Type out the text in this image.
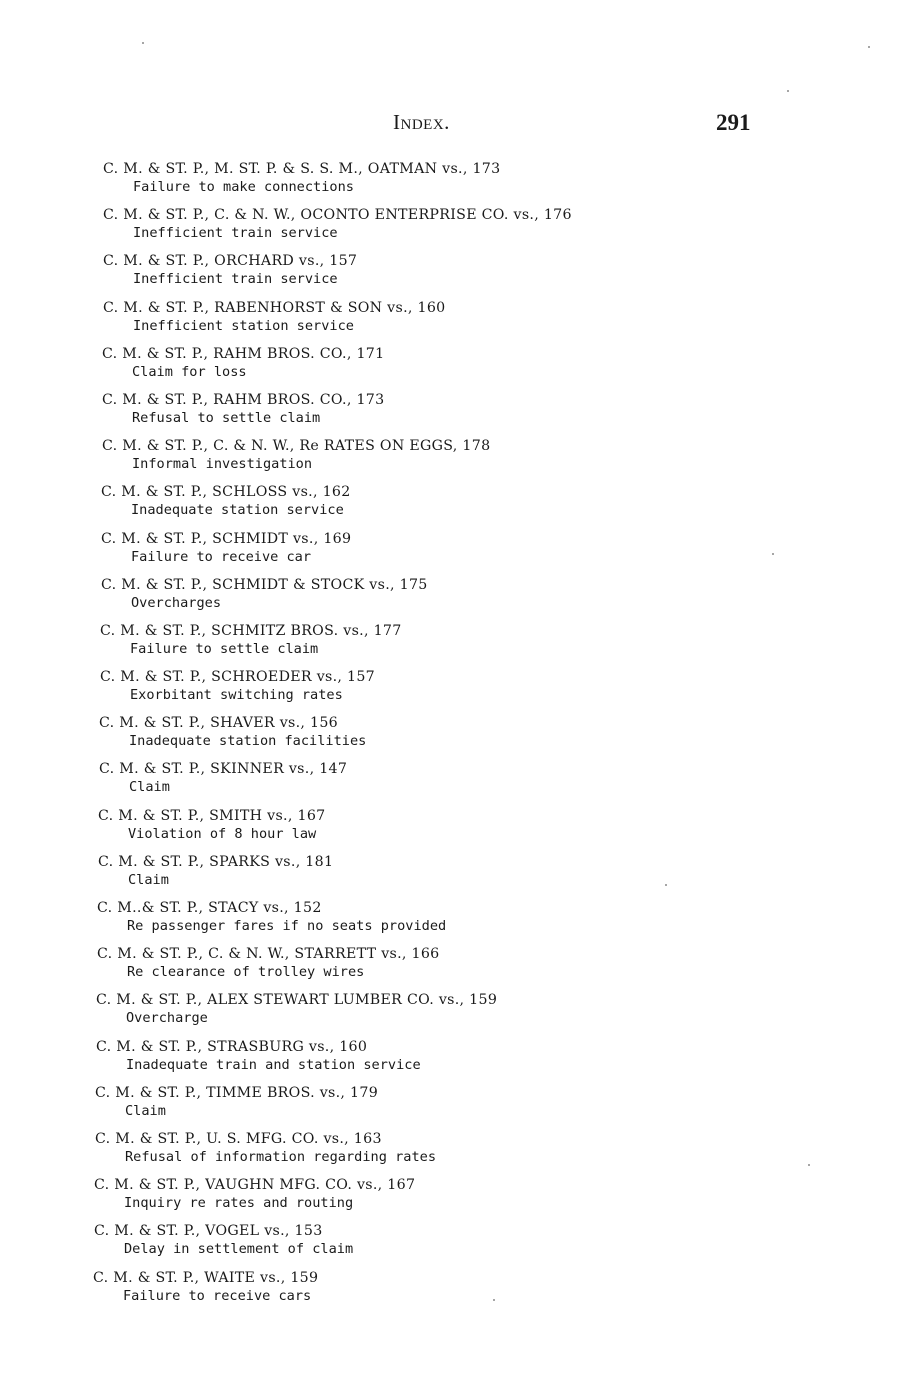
Index.	291
C. M. & ST. P., M. ST. P. & S. S. M., OATMAN vs., 173
Failure to make connections
C. M. & ST. P., C. & N. W., OCONTO ENTERPRISE CO. vs., 176
Inefficient train service
C. M. & ST. P., ORCHARD vs., 157
Inefficient train service
C. M. & ST. P., RABENHORST & SON vs., 160
Inefficient station service
C. M. & ST. P., RAHM BROS. CO., 171
Claim for loss
C. M. & ST. P., RAHM BROS. CO., 173
Refusal to settle claim
C. M. & ST. P., C. & N. W., Re RATES ON EGGS, 178
Informal investigation
C. M. & ST. P., SCHLOSS vs., 162
Inadequate station service
C. M. & ST. P., SCHMIDT vs., 169
Failure to receive car
C. M. & ST. P., SCHMIDT & STOCK vs., 175
Overcharges
C. M. & ST. P., SCHMITZ BROS. vs., 177
Failure to settle claim
C. M. & ST. P., SCHROEDER vs., 157
Exorbitant switching rates
C. M. & ST. P., SHAVER vs., 156
Inadequate station facilities
C. M. & ST. P., SKINNER vs., 147
Claim
C. M. & ST. P., SMITH vs., 167
Violation of 8 hour law
C. M. & ST. P., SPARKS vs., 181
Claim
C. M..& ST. P., STACY vs., 152
Re passenger fares if no seats provided
C. M. & ST. P., C. & N. W., STARRETT vs., 166
Re clearance of trolley wires
C. M. & ST. P., ALEX STEWART LUMBER CO. vs., 159
Overcharge
C. M. & ST. P., STRASBURG vs., 160
Inadequate train and station service
C. M. & ST. P., TIMME BROS. vs., 179
Claim
C. M. & ST. P., U. S. MFG. CO. vs., 163
Refusal of information regarding rates
C. M. & ST. P., VAUGHN MFG. CO. vs., 167
Inquiry re rates and routing
C. M. & ST. P., VOGEL vs., 153
Delay in settlement of claim
C. M. & ST. P., WAITE vs., 159
Failure to receive cars
